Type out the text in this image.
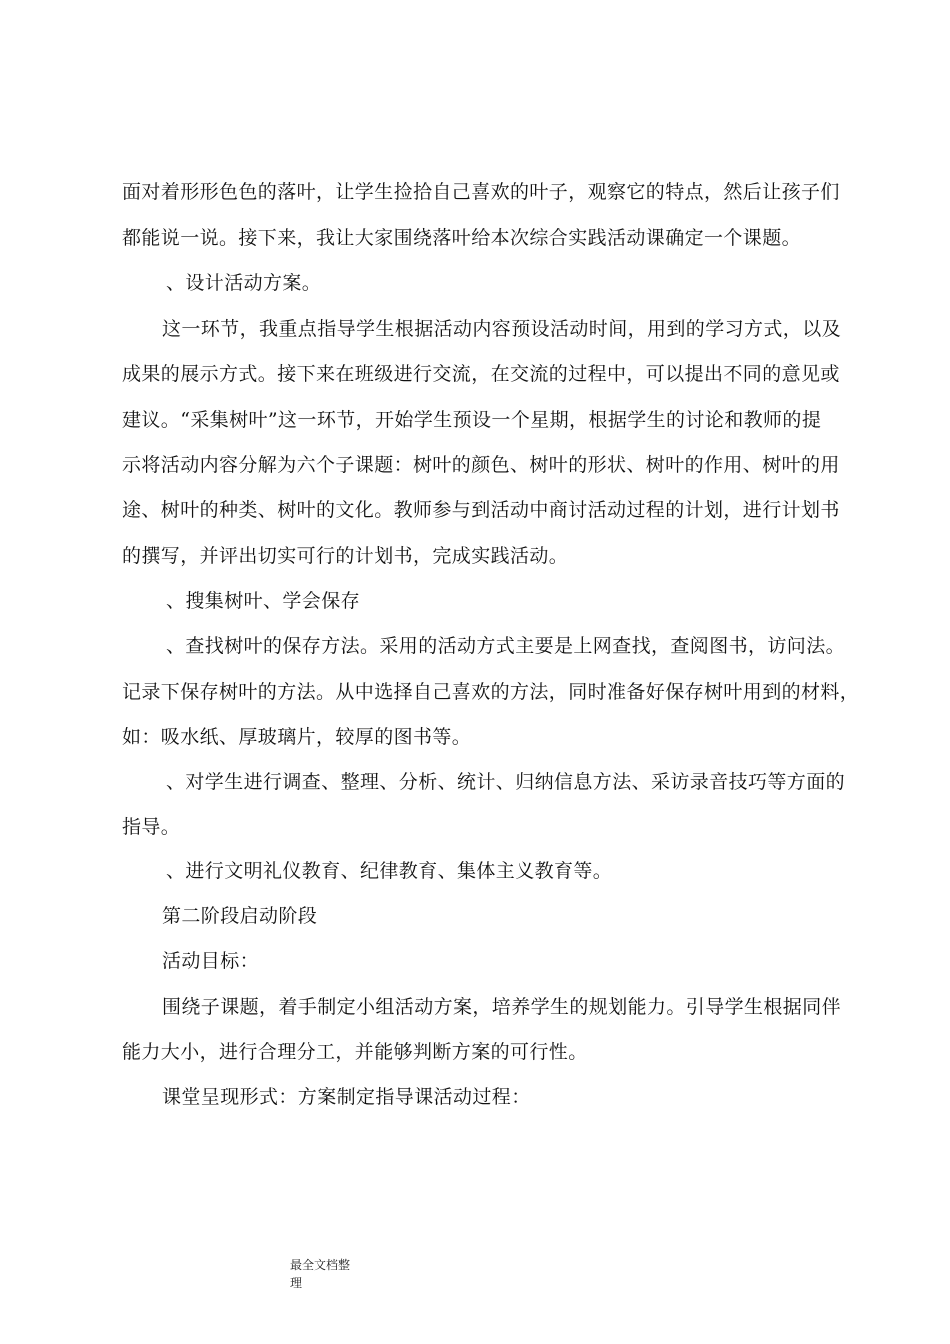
面对着形形色色的落叶，让学生捡拾自己喜欢的叶子，观察它的特点，然后让孩子们
都能说一说。接下来，我让大家围绕落叶给本次综合实践活动课确定一个课题。
、设计活动方案。
这一环节，我重点指导学生根据活动内容预设活动时间，用到的学习方式，以及
成果的展示方式。接下来在班级进行交流，在交流的过程中，可以提出不同的意见或
建议。“采集树叶”这一环节，开始学生预设一个星期，根据学生的讨论和教师的提
示将活动内容分解为六个子课题：树叶的颜色、树叶的形状、树叶的作用、树叶的用
途、树叶的种类、树叶的文化。教师参与到活动中商讨活动过程的计划，进行计划书
的撰写，并评出切实可行的计划书，完成实践活动。
、搜集树叶、学会保存
、查找树叶的保存方法。采用的活动方式主要是上网查找，查阅图书，访问法。
记录下保存树叶的方法。从中选择自己喜欢的方法，同时准备好保存树叶用到的材料，
如：吸水纸、厚玻璃片，较厚的图书等。
、对学生进行调查、整理、分析、统计、归纳信息方法、采访录音技巧等方面的
指导。
、进行文明礼仪教育、纪律教育、集体主义教育等。
第二阶段启动阶段
活动目标：
围绕子课题，着手制定小组活动方案，培养学生的规划能力。引导学生根据同伴
能力大小，进行合理分工，并能够判断方案的可行性。
课堂呈现形式：方案制定指导课活动过程：
最全文档整
理
